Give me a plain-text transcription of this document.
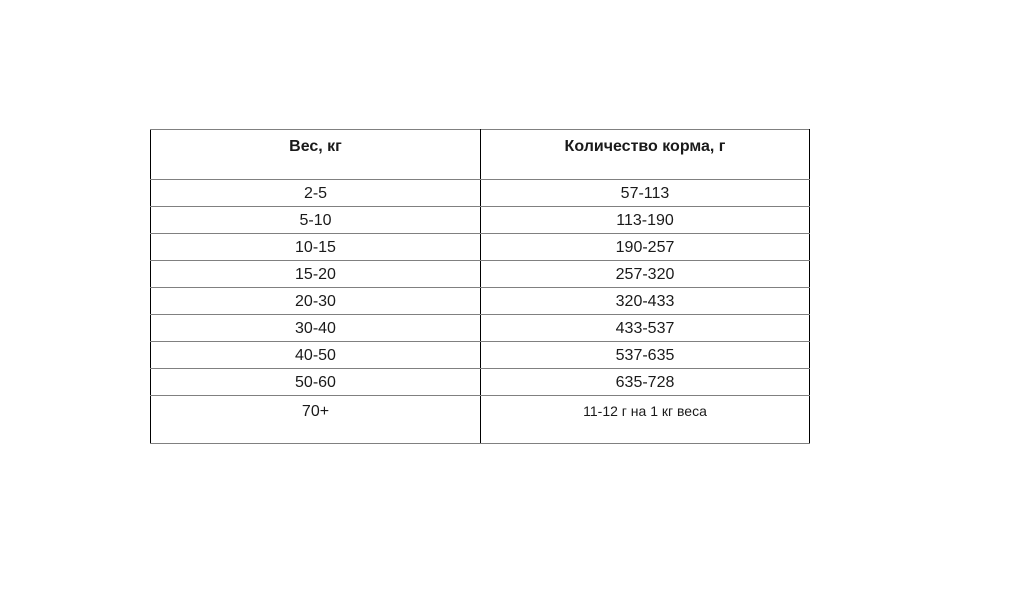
Вес, кг	Количество корма, г
2-5	57-113
5-10	113-190
10-15	190-257
15-20	257-320
20-30	320-433
30-40	433-537
40-50	537-635
50-60	635-728
70+	11-12 г на 1 кг веса
